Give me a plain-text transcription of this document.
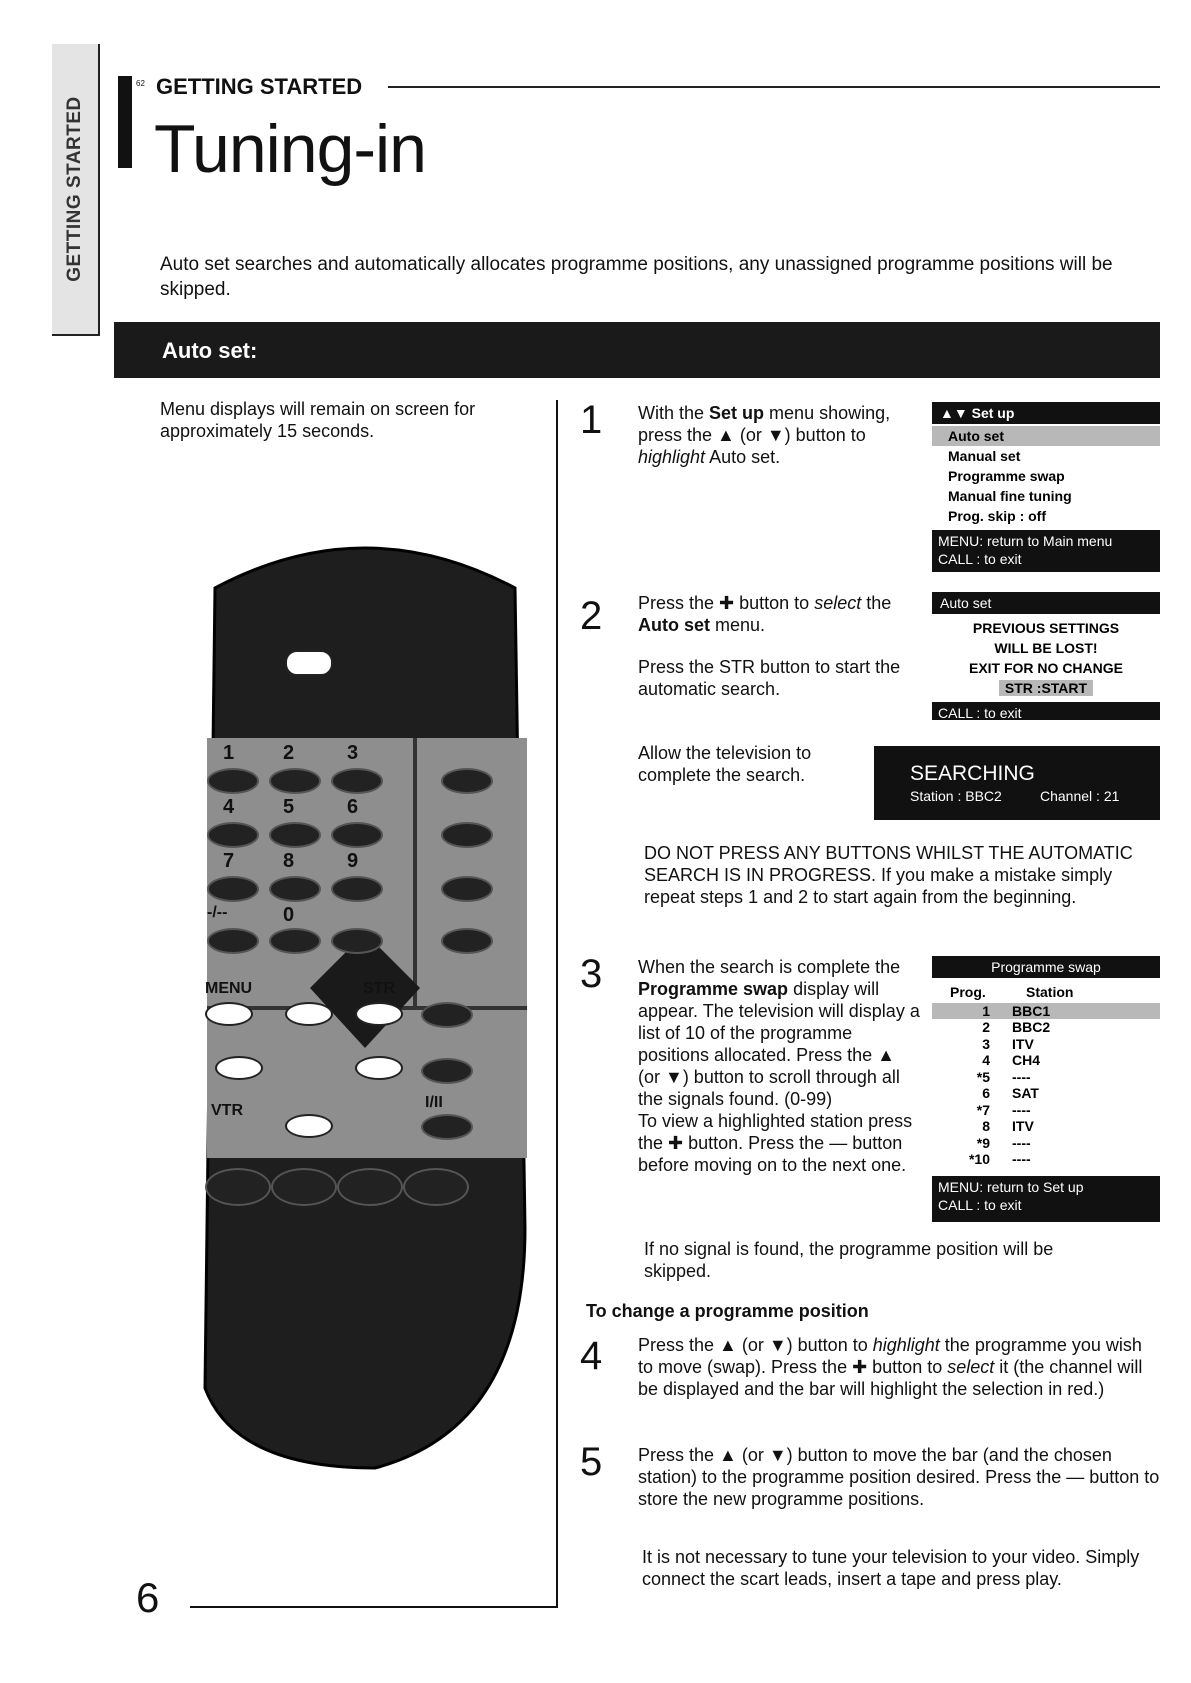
GETTING STARTED
62 GETTING STARTED
Tuning-in
Auto set searches and automatically allocates programme positions, any unassigned programme positions will be skipped.
Auto set:
Menu displays will remain on screen for approximately 15 seconds.
1 2	3
4 5	6
7 8	9
-/--	0
MENU	STR
VTR	I/II
6
1 With the Set up menu showing, press the ▲ (or ▼) button to highlight Auto set.
▲▼ Set up
Auto set
Manual set
Programme swap
Manual fine tuning
Prog. skip : off
MENU: return to Main menu
CALL : to exit
2 Press the ✚ button to select the Auto set menu.
Press the STR button to start the automatic search.
Allow the television to complete the search.
Auto set
PREVIOUS SETTINGS
WILL BE LOST!
EXIT FOR NO CHANGE
STR :START
CALL : to exit
SEARCHING
Station : BBC2	Channel : 21
DO NOT PRESS ANY BUTTONS WHILST THE AUTOMATIC SEARCH IS IN PROGRESS. If you make a mistake simply repeat steps 1 and 2 to start again from the beginning.
3 When the search is complete the Programme swap display will appear. The television will display a list of 10 of the programme positions allocated. Press the ▲ (or ▼) button to scroll through all the signals found. (0-99)
To view a highlighted station press the ✚ button. Press the — button before moving on to the next one.
Programme swap
Prog.	Station
1	BBC1
2	BBC2
3	ITV
4	CH4
*5	----
6	SAT
*7	----
8	ITV
*9	----
*10	----
MENU: return to Set up
CALL : to exit
If no signal is found, the programme position will be skipped.
To change a programme position
4 Press the ▲ (or ▼) button to highlight the programme you wish to move (swap). Press the ✚ button to select it (the channel will be displayed and the bar will highlight the selection in red.)
5 Press the ▲ (or ▼) button to move the bar (and the chosen station) to the programme position desired. Press the — button to store the new programme positions.
It is not necessary to tune your television to your video. Simply connect the scart leads, insert a tape and press play.
